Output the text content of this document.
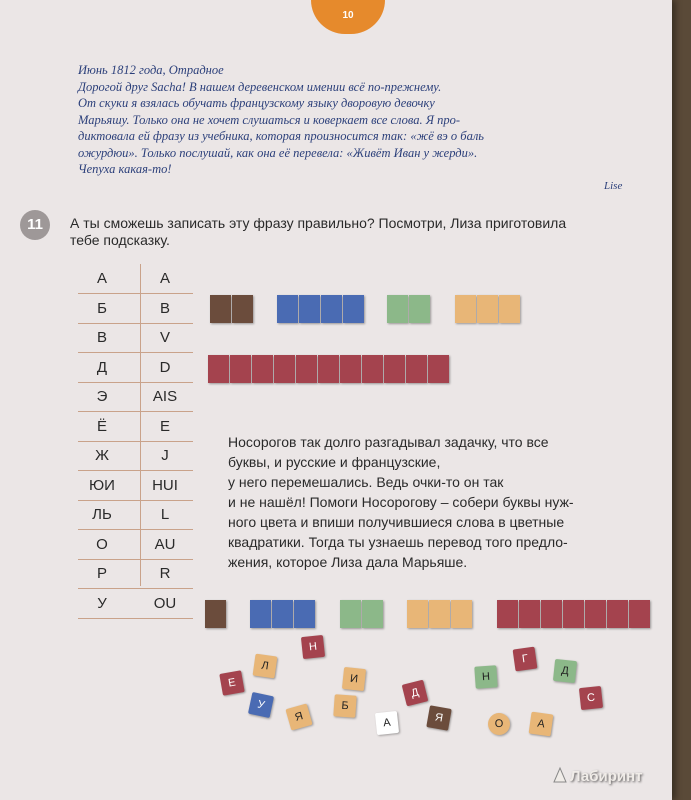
10
Июнь 1812 года, Отрадное
Дорогой друг Sacha! В нашем деревенском имении всё по-прежнему.
От скуки я взялась обучать французскому языку дворовую девочку
Марьяшу. Только она не хочет слушаться и коверкает все слова. Я про-
диктовала ей фразу из учебника, которая произносится так: «жё вэ о баль
ожурдюи». Только послушай, как она её перевела: «Живёт Иван у жерди».
Чепуха какая-то!
Lise
11	А ты сможешь записать эту фразу правильно? Посмотри, Лиза приготовила
тебе подсказку.
А	A
Б	B
В	V
Д	D
Э	AIS
Ё	E
Ж	J
ЮИ	HUI
ЛЬ	L
О	AU
Р	R
У	OU
Носорогов так долго разгадывал задачку, что все
буквы, и русские и французские,
у него перемешались. Ведь очки-то он так
и не нашёл! Помоги Носорогову – собери буквы нуж-
ного цвета и впиши получившиеся слова в цветные
квадратики. Тогда ты узнаешь перевод того предло-
жения, которое Лиза дала Марьяше.
Е
Л
Н
И
Д
Н
Г
Д
У
Я
Б
А	Я	О	А
С
Лабиринт
